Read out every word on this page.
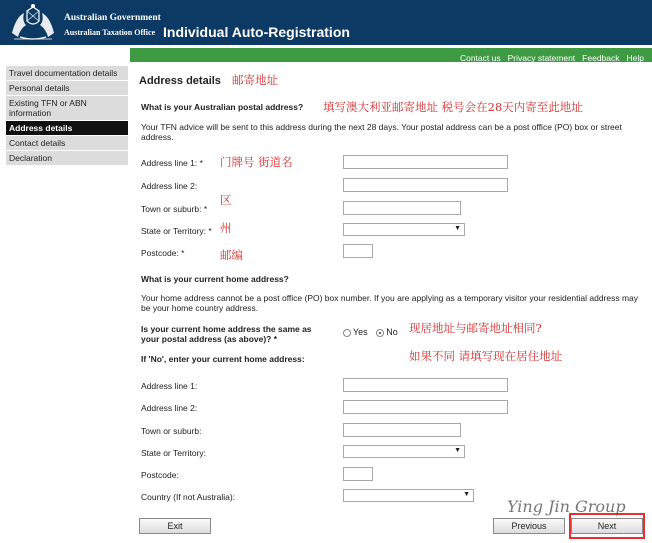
Australian Government
Australian Taxation Office Individual Auto-Registration
Contact us Privacy statement Feedback Help
Travel documentation details
Personal details
Existing TFN or ABN information
Address details
Contact details
Declaration
Address details 邮寄地址
What is your Australian postal address? 填写澳大利亚邮寄地址 税号会在28天内寄至此地址
Your TFN advice will be sent to this address during the next 28 days. Your postal address can be a post office (PO) box or street address.
Address line 1: * 门牌号 街道名
Address line 2:
Town or suburb: *
区
State or Territory: * 州	▼
Postcode: *	邮编
What is your current home address?
Your home address cannot be a post office (PO) box number. If you are applying as a temporary visitor your residential address may be your home country address.
Is your current home address the same as your postal address (as above)? *
Yes No 现居地址与邮寄地址相同?
If 'No', enter your current home address:	如果不同 请填写现在居住地址
Address line 1:
Address line 2:
Town or suburb:
State or Territory:	▼
Postcode:
Country (If not Australia):	▼
Exit	Previous	Next
Ying Jin Group
